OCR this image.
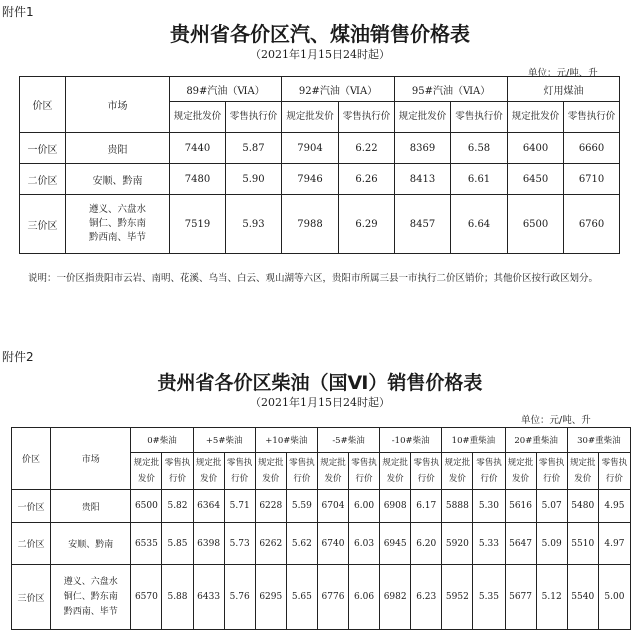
附件1
贵州省各价区汽、煤油销售价格表
（2021年1月15日24时起）
单位：元/吨、升
价区	市场	89#汽油（ⅥA）		92#汽油（ⅥA）		95#汽油（ⅥA）		灯用煤油	
		规定批发价	零售执行价	规定批发价	零售执行价	规定批发价	零售执行价	规定批发价	零售执行价
一价区	贵阳	7440	5.87	7904	6.22	8369	6.58	6400	6660
二价区	安顺、黔南	7480	5.90	7946	6.26	8413	6.61	6450	6710
三价区	遵义、六盘水
铜仁、黔东南
黔西南、毕节	7519	5.93	7988	6.29	8457	6.64	6500	6760
说明：一价区指贵阳市云岩、南明、花溪、乌当、白云、观山湖等六区，贵阳市所属三县一市执行二价区销价；其他价区按行政区划分。
附件2
贵州省各价区柴油（国Ⅵ）销售价格表
（2021年1月15日24时起）
单位：元/吨、升
价区	市场	0#柴油		+5#柴油		+10#柴油		-5#柴油		-10#柴油		10#重柴油		20#重柴油		30#重柴油	
		规定批发价	零售执行价	规定批发价	零售执行价	规定批发价	零售执行价	规定批发价	零售执行价	规定批发价	零售执行价	规定批发价	零售执行价	规定批发价	零售执行价	规定批发价	零售执行价
一价区	贵阳	6500	5.82	6364	5.71	6228	5.59	6704	6.00	6908	6.17	5888	5.30	5616	5.07	5480	4.95
二价区	安顺、黔南	6535	5.85	6398	5.73	6262	5.62	6740	6.03	6945	6.20	5920	5.33	5647	5.09	5510	4.97
三价区	遵义、六盘水
铜仁、黔东南
黔西南、毕节	6570	5.88	6433	5.76	6295	5.65	6776	6.06	6982	6.23	5952	5.35	5677	5.12	5540	5.00
